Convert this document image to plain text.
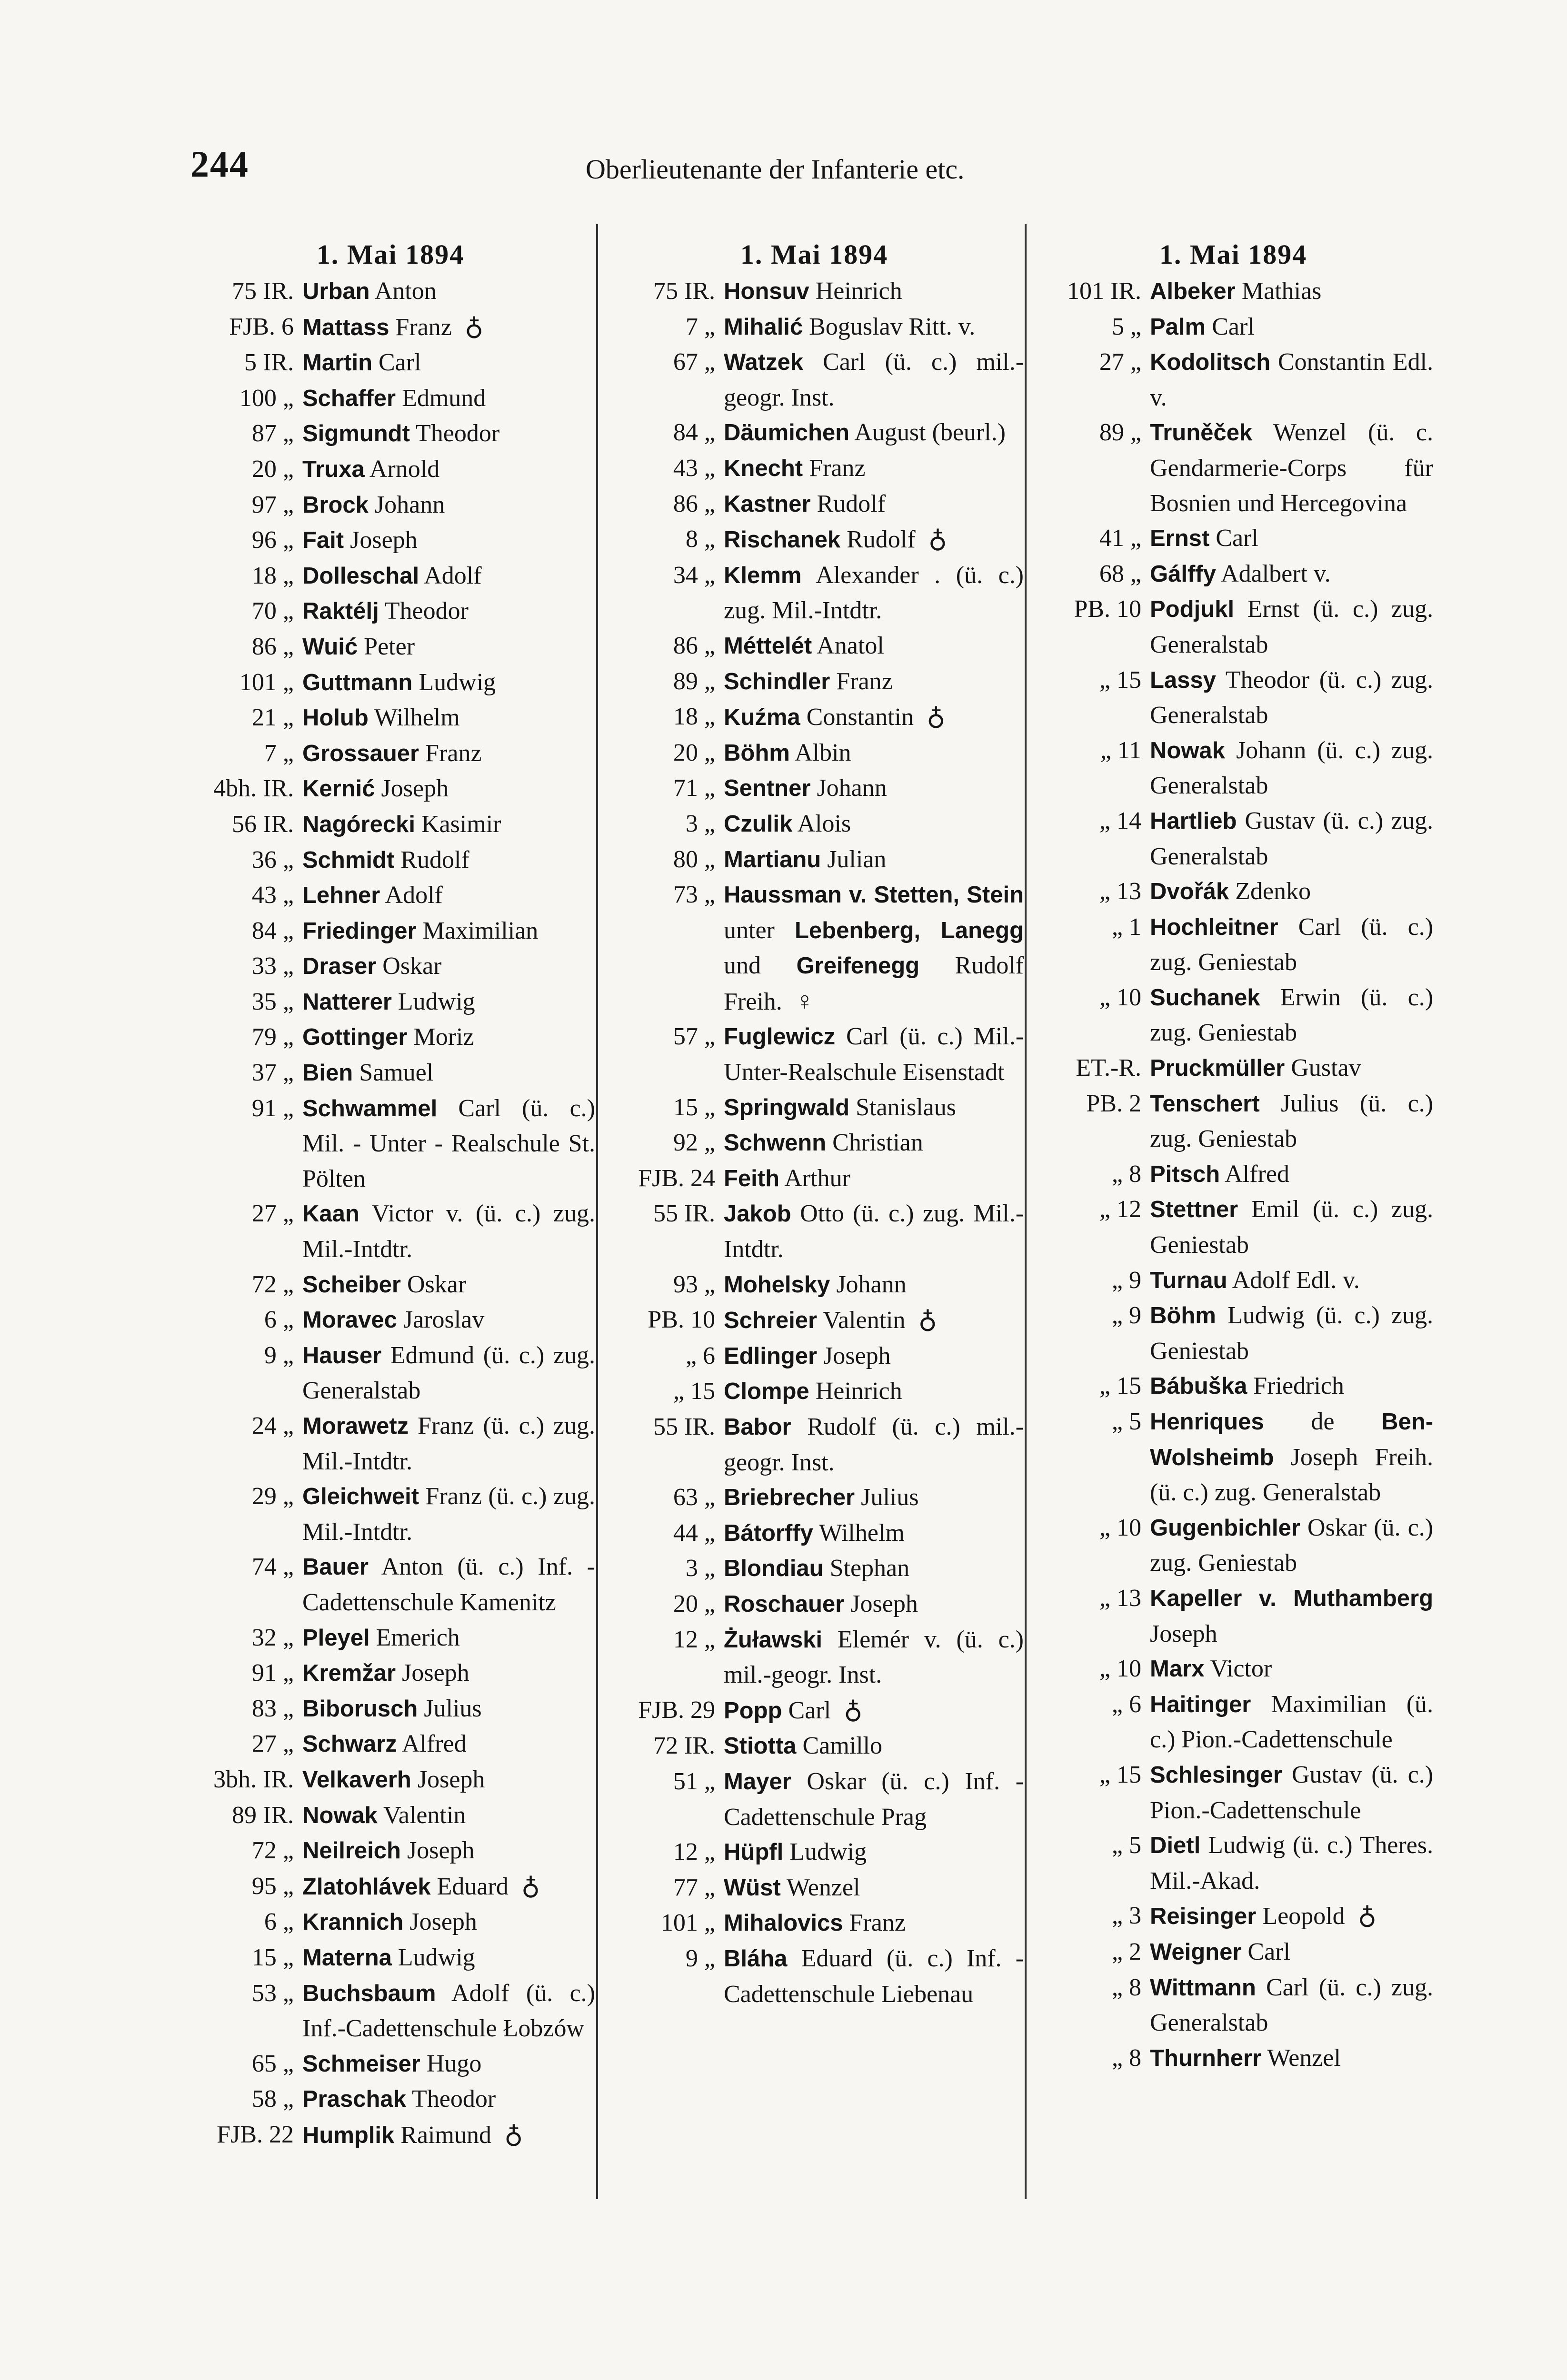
244	Oberlieutenante der Infanterie etc.
1. Mai 1894
75 IR. Urban Anton
FJB. 6 Mattass Franz ♁
5 IR. Martin Carl
100 „ Schaffer Edmund
87 „ Sigmundt Theodor
20 „ Truxa Arnold
97 „ Brock Johann
96 „ Fait Joseph
18 „ Dolleschal Adolf
70 „ Raktélj Theodor
86 „ Wuić Peter
101 „ Guttmann Ludwig
21 „ Holub Wilhelm
7 „ Grossauer Franz
4bh. IR. Kernić Joseph
56 IR. Nagórecki Kasimir
36 „ Schmidt Rudolf
43 „ Lehner Adolf
84 „ Friedinger Maximilian
33 „ Draser Oskar
35 „ Natterer Ludwig
79 „ Gottinger Moriz
37 „ Bien Samuel
91 „ Schwammel Carl (ü. c.) Mil. - Unter - Realschule St. Pölten
27 „ Kaan Victor v. (ü. c.) zug. Mil.-Intdtr.
72 „ Scheiber Oskar
6 „ Moravec Jaroslav
9 „ Hauser Edmund (ü. c.) zug. Generalstab
24 „ Morawetz Franz (ü. c.) zug. Mil.-Intdtr.
29 „ Gleichweit Franz (ü. c.) zug. Mil.-Intdtr.
74 „ Bauer Anton (ü. c.) Inf. - Cadettenschule Kamenitz
32 „ Pleyel Emerich
91 „ Kremžar Joseph
83 „ Biborusch Julius
27 „ Schwarz Alfred
3bh. IR. Velkaverh Joseph
89 IR. Nowak Valentin
72 „ Neilreich Joseph
95 „ Zlatohlávek Eduard ♁
6 „ Krannich Joseph
15 „ Materna Ludwig
53 „ Buchsbaum Adolf (ü. c.) Inf.-Cadettenschule Łobzów
65 „ Schmeiser Hugo
58 „ Praschak Theodor
FJB. 22 Humplik Raimund ♁
1. Mai 1894
75 IR. Honsuv Heinrich
7 „ Mihalić Boguslav Ritt. v.
67 „ Watzek Carl (ü. c.) mil.-geogr. Inst.
84 „ Däumichen August (beurl.)
43 „ Knecht Franz
86 „ Kastner Rudolf
8 „ Rischanek Rudolf ♁
34 „ Klemm Alexander . (ü. c.) zug. Mil.-Intdtr.
86 „ Méttelét Anatol
89 „ Schindler Franz
18 „ Kuźma Constantin ♁
20 „ Böhm Albin
71 „ Sentner Johann
3 „ Czulik Alois
80 „ Martianu Julian
73 „ Haussman v. Stetten, Stein unter Lebenberg, Lanegg und Greifenegg Rudolf Freih. ♀
57 „ Fuglewicz Carl (ü. c.) Mil.-Unter-Realschule Eisenstadt
15 „ Springwald Stanislaus
92 „ Schwenn Christian
FJB. 24 Feith Arthur
55 IR. Jakob Otto (ü. c.) zug. Mil.-Intdtr.
93 „ Mohelsky Johann
PB. 10 Schreier Valentin ♁
„ 6 Edlinger Joseph
„ 15 Clompe Heinrich
55 IR. Babor Rudolf (ü. c.) mil.-geogr. Inst.
63 „ Briebrecher Julius
44 „ Bátorffy Wilhelm
3 „ Blondiau Stephan
20 „ Roschauer Joseph
12 „ Żuławski Elemér v. (ü. c.) mil.-geogr. Inst.
FJB. 29 Popp Carl ♁
72 IR. Stiotta Camillo
51 „ Mayer Oskar (ü. c.) Inf. - Cadettenschule Prag
12 „ Hüpfl Ludwig
77 „ Wüst Wenzel
101 „ Mihalovics Franz
9 „ Bláha Eduard (ü. c.) Inf. - Cadettenschule Liebenau
1. Mai 1894
101 IR. Albeker Mathias
5 „ Palm Carl
27 „ Kodolitsch Constantin Edl. v.
89 „ Truněček Wenzel (ü. c. Gendarmerie-Corps für Bosnien und Hercegovina
41 „ Ernst Carl
68 „ Gálffy Adalbert v.
PB. 10 Podjukl Ernst (ü. c.) zug. Generalstab
„ 15 Lassy Theodor (ü. c.) zug. Generalstab
„ 11 Nowak Johann (ü. c.) zug. Generalstab
„ 14 Hartlieb Gustav (ü. c.) zug. Generalstab
„ 13 Dvořák Zdenko
„ 1 Hochleitner Carl (ü. c.) zug. Geniestab
„ 10 Suchanek Erwin (ü. c.) zug. Geniestab
ET.-R. Pruckmüller Gustav
PB. 2 Tenschert Julius (ü. c.) zug. Geniestab
„ 8 Pitsch Alfred
„ 12 Stettner Emil (ü. c.) zug. Geniestab
„ 9 Turnau Adolf Edl. v.
„ 9 Böhm Ludwig (ü. c.) zug. Geniestab
„ 15 Bábuška Friedrich
„ 5 Henriques de Ben-Wolsheimb Joseph Freih. (ü. c.) zug. Generalstab
„ 10 Gugenbichler Oskar (ü. c.) zug. Geniestab
„ 13 Kapeller v. Muthamberg Joseph
„ 10 Marx Victor
„ 6 Haitinger Maximilian (ü. c.) Pion.-Cadettenschule
„ 15 Schlesinger Gustav (ü. c.) Pion.-Cadettenschule
„ 5 Dietl Ludwig (ü. c.) Theres. Mil.-Akad.
„ 3 Reisinger Leopold ♁
„ 2 Weigner Carl
„ 8 Wittmann Carl (ü. c.) zug. Generalstab
„ 8 Thurnherr Wenzel
